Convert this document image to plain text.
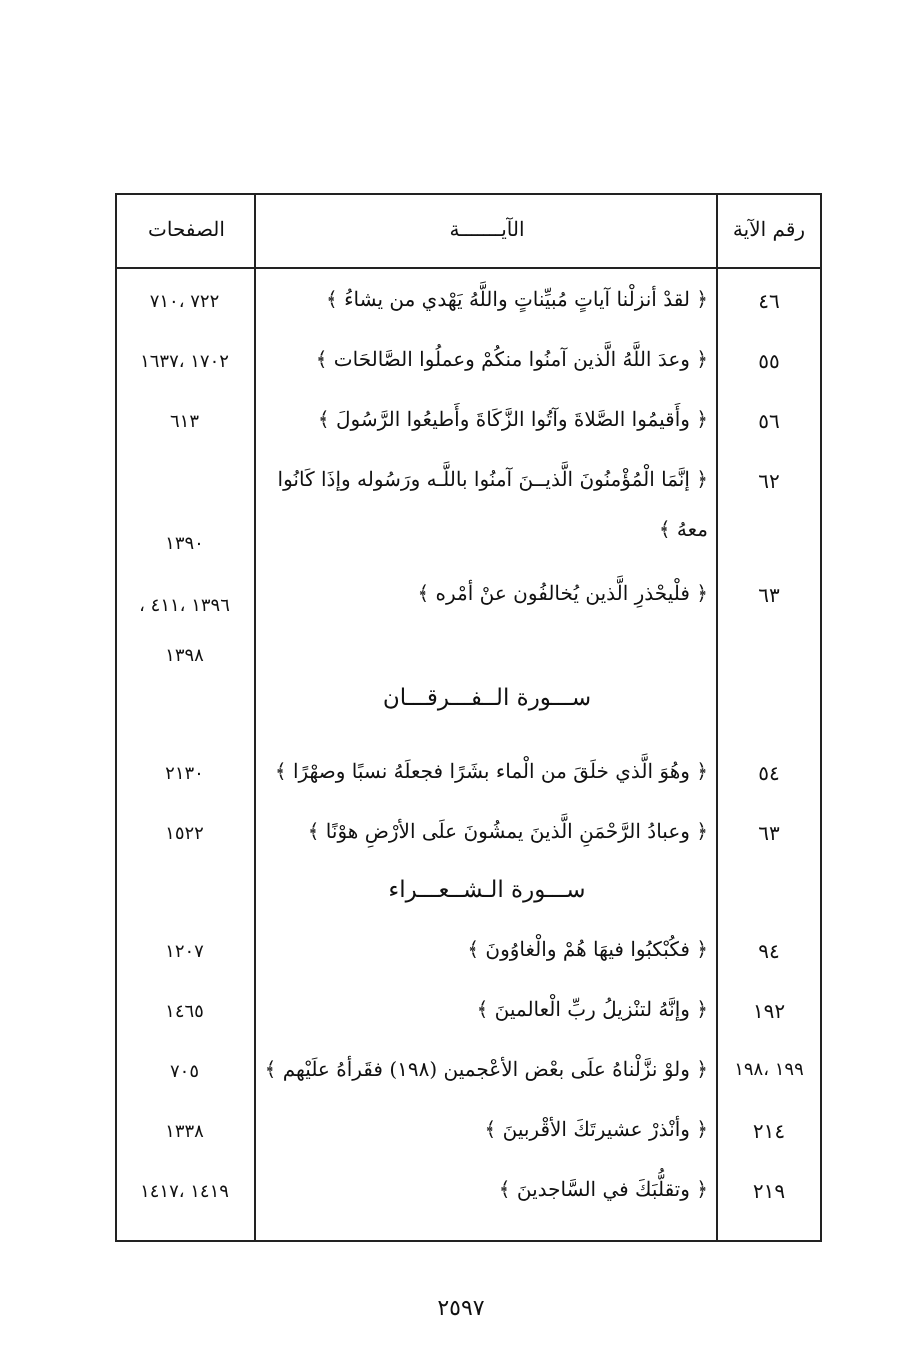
رقم الآية
الآيـــــــة
الصفحات
٤٦
﴿ لقدْ أنزلْنا آياتٍ مُبيِّناتٍ واللَّهُ يَهْدي من يشاءُ ﴾
٧٢٢ ،٧١٠
٥٥
﴿ وعدَ اللَّهُ الَّذين آمنُوا منكُمْ وعملُوا الصَّالحَات ﴾
١٧٠٢ ،١٦٣٧
٥٦
﴿ وأَقيمُوا الصَّلاةَ وآتُوا الزَّكَاةَ وأَطيعُوا الرَّسُولَ ﴾
٦١٣
٦٢
﴿ إنَّمَا الْمُؤْمنُونَ الَّذيــنَ آمنُوا باللَّـه ورَسُوله وإذَا كَانُوا
معهُ ﴾
١٣٩٠
٦٣
﴿ فلْيحْذرِ الَّذين يُخالفُون عنْ أمْره ﴾
١٣٩٦ ،٤١١ ،
١٣٩٨
ســـورة الــفـــرقـــان
٥٤
﴿ وهُوَ الَّذي خلَقَ من الْماء بشَرًا فجعلَهُ نسبًا وصهْرًا ﴾
٢١٣٠
٦٣
﴿ وعبادُ الرَّحْمَنِ الَّذينَ يمشُونَ علَى الأرْضِ هوْنًا ﴾
١٥٢٢
ســـورة الـشــعـــراء
٩٤
﴿ فكُبْكبُوا فيهَا هُمْ والْغاوُونَ ﴾
١٢٠٧
١٩٢
﴿ وإنَّهُ لتنْزيلُ ربِّ الْعالمينَ ﴾
١٤٦٥
١٩٩ ،١٩٨
﴿ ولوْ نزَّلْناهُ علَى بعْض الأعْجمين (١٩٨) فقَرأهُ علَيْهم ﴾
٧٠٥
٢١٤
﴿ وأنْذرْ عشيرتَكَ الأقْربينَ ﴾
١٣٣٨
٢١٩
﴿ وتقلُّبَكَ في السَّاجدينَ ﴾
١٤١٩ ،١٤١٧
٢٥٩٧
